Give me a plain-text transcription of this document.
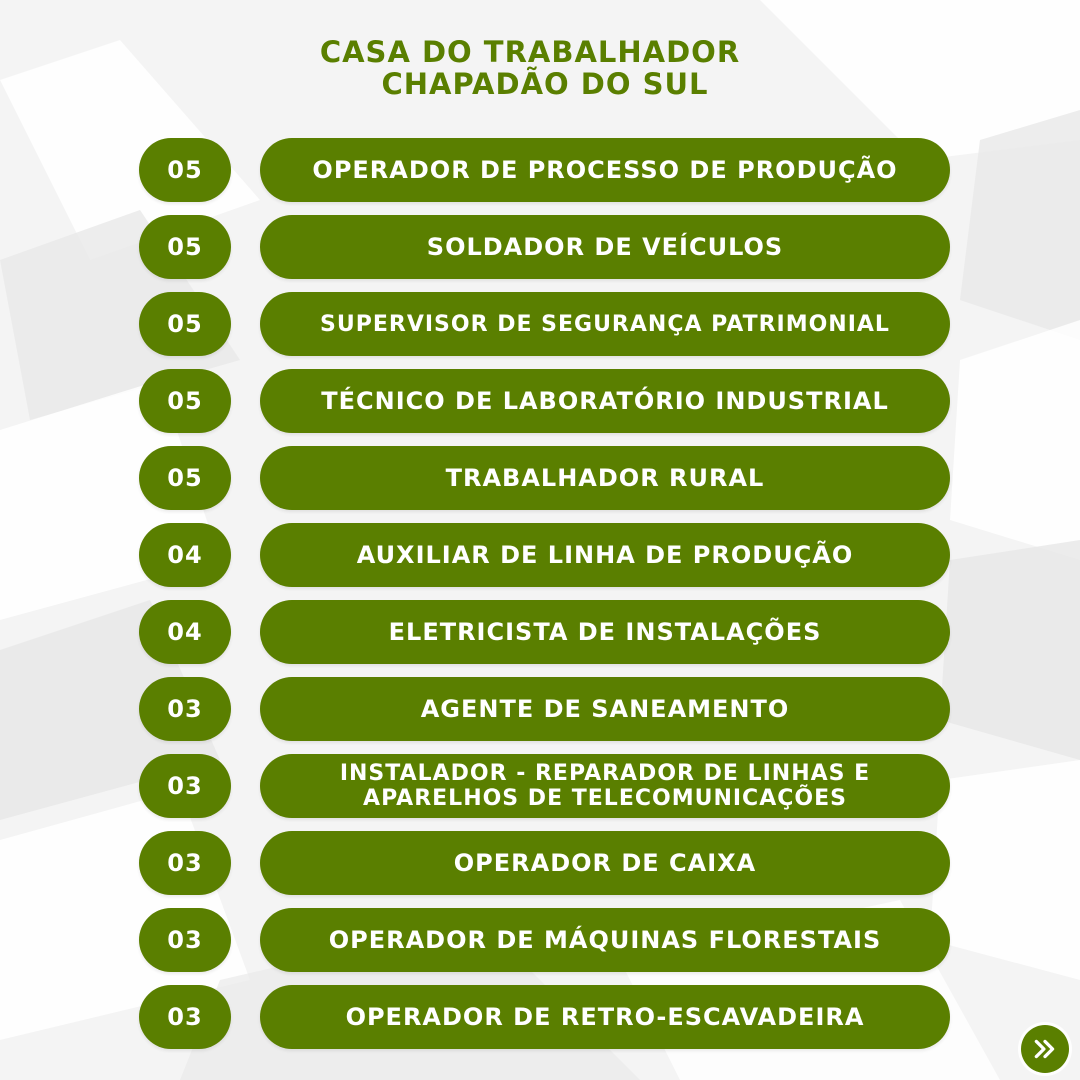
CASA DO TRABALHADOR
CHAPADÃO DO SUL
05	OPERADOR DE PROCESSO DE PRODUÇÃO
05	SOLDADOR DE VEÍCULOS
05	SUPERVISOR DE SEGURANÇA PATRIMONIAL
05	TÉCNICO DE LABORATÓRIO INDUSTRIAL
05	TRABALHADOR RURAL
04	AUXILIAR DE LINHA DE PRODUÇÃO
04	ELETRICISTA DE INSTALAÇÕES
03	AGENTE DE SANEAMENTO
03	INSTALADOR - REPARADOR DE LINHAS E
APARELHOS DE TELECOMUNICAÇÕES
03	OPERADOR DE CAIXA
03	OPERADOR DE MÁQUINAS FLORESTAIS
03	OPERADOR DE RETRO-ESCAVADEIRA
